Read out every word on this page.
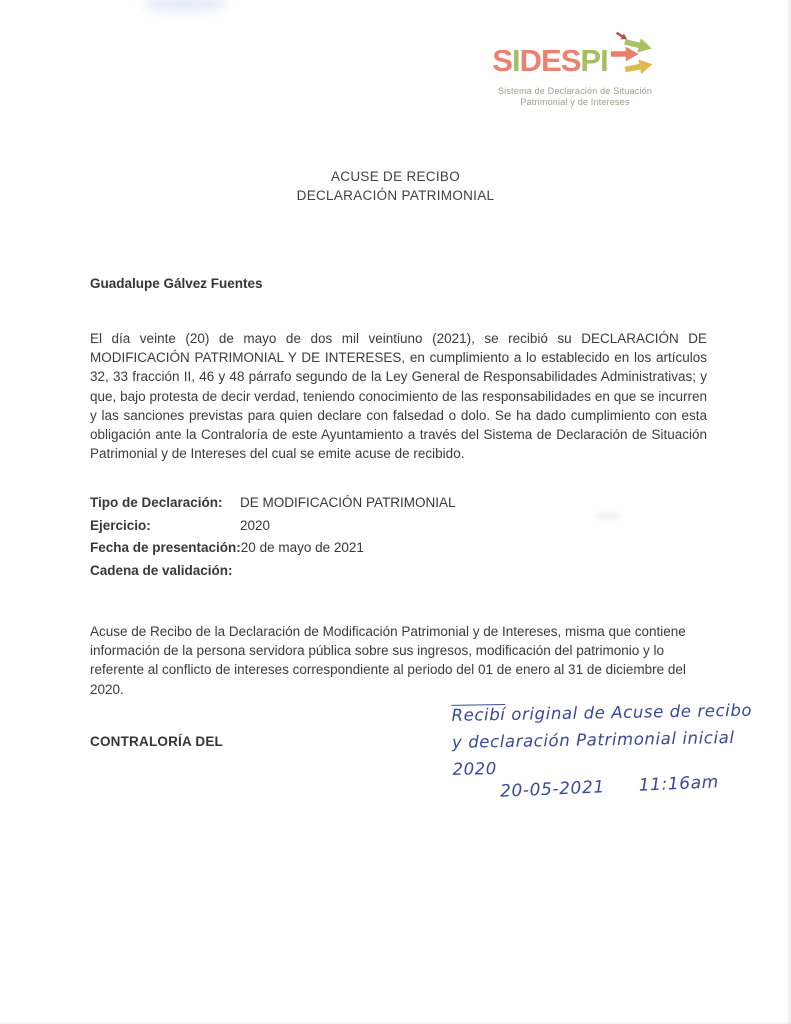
SIDESPI
Sistema de Declaración de Situación
Patrimonial y de Intereses
ACUSE DE RECIBO
DECLARACIÓN PATRIMONIAL
Guadalupe Gálvez Fuentes
El día veinte (20) de mayo de dos mil veintiuno (2021), se recibió su DECLARACIÓN DE MODIFICACIÓN PATRIMONIAL Y DE INTERESES, en cumplimiento a lo establecido en los artículos 32, 33 fracción II, 46 y 48 párrafo segundo de la Ley General de Responsabilidades Administrativas; y que, bajo protesta de decir verdad, teniendo conocimiento de las responsabilidades en que se incurren y las sanciones previstas para quien declare con falsedad o dolo. Se ha dado cumplimiento con esta obligación ante la Contraloría de este Ayuntamiento a través del Sistema de Declaración de Situación Patrimonial y de Intereses del cual se emite acuse de recibido.
Tipo de Declaración:	DE MODIFICACIÓN PATRIMONIAL
Ejercicio:	2020
Fecha de presentación: 20 de mayo de 2021
Cadena de validación:
Acuse de Recibo de la Declaración de Modificación Patrimonial y de Intereses, misma que contiene información de la persona servidora pública sobre sus ingresos, modificación del patrimonio y lo referente al conflicto de intereses correspondiente al periodo del 01 de enero al 31 de diciembre del 2020.
CONTRALORÍA DEL
Recibí original de Acuse de recibo
y declaración Patrimonial inicial 2020
20-05-2021 11:16am
